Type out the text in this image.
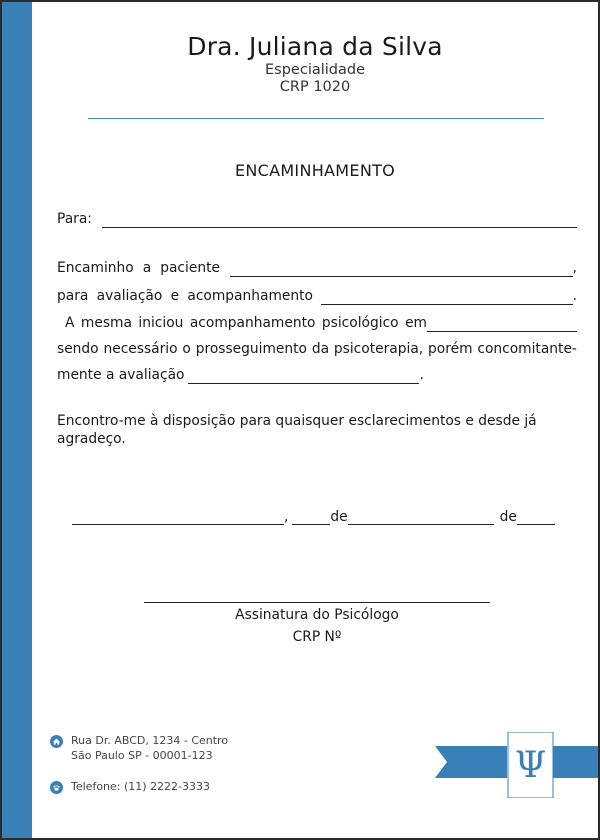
Dra. Juliana da Silva
Especialidade
CRP 1020
ENCAMINHAMENTO
Para:
Encaminho a paciente	,
para avaliação e acompanhamento	.
A mesma iniciou acompanhamento psicológico em
sendo necessário o prosseguimento da psicoterapia, porém concomitante-
mente a avaliação	.
Encontro-me à disposição para quaisquer esclarecimentos e desde já agradeço.
,	de	de
Assinatura do Psicólogo
CRP Nº
Rua Dr. ABCD, 1234 - Centro
São Paulo SP - 00001-123
Telefone: (11) 2222-3333
Ψ
